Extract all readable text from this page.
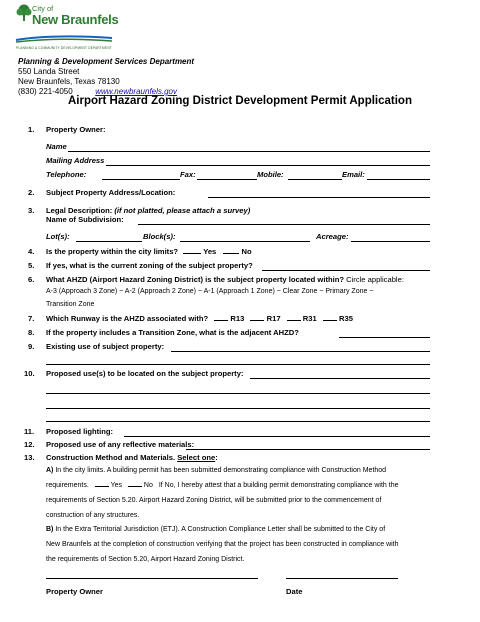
City of
New Braunfels
PLANNING & COMMUNITY DEVELOPMENT DEPARTMENT
Planning & Development Services Department
550 Landa Street
New Braunfels, Texas 78130
(830) 221-4050	www.newbraunfels.gov
Airport Hazard Zoning District Development Permit Application
1. Property Owner:
Name
Mailing Address
Telephone:	Fax:	Mobile:	Email:
2. Subject Property Address/Location:
3. Legal Description: (if not platted, please attach a survey)
Name of Subdivision:
Lot(s):	Block(s):	Acreage:
4. Is the property within the city limits?	Yes	No
5. If yes, what is the current zoning of the subject property?
6. What AHZD (Airport Hazard Zoning District) is the subject property located within? Circle applicable:
A-3 (Approach 3 Zone) ~ A-2 (Approach 2 Zone) ~ A-1 (Approach 1 Zone) ~ Clear Zone ~ Primary Zone ~
Transition Zone
7. Which Runway is the AHZD associated with?	R13	R17	R31	R35
8. If the property includes a Transition Zone, what is the adjacent AHZD?
9. Existing use of subject property:
10. Proposed use(s) to be located on the subject property:
11. Proposed lighting:
12. Proposed use of any reflective materials:
13. Construction Method and Materials. Select one:
A) In the city limits. A building permit has been submitted demonstrating compliance with Construction Method
requirements.	Yes	No If No, I hereby attest that a building permit demonstrating compliance with the
requirements of Section 5.20. Airport Hazard Zoning District, will be submitted prior to the commencement of
construction of any structures.
B) In the Extra Territorial Jurisdiction (ETJ). A Construction Compliance Letter shall be submitted to the City of
New Braunfels at the completion of construction verifying that the project has been constructed in compliance with
the requirements of Section 5.20, Airport Hazard Zoning District.
Property Owner	Date
